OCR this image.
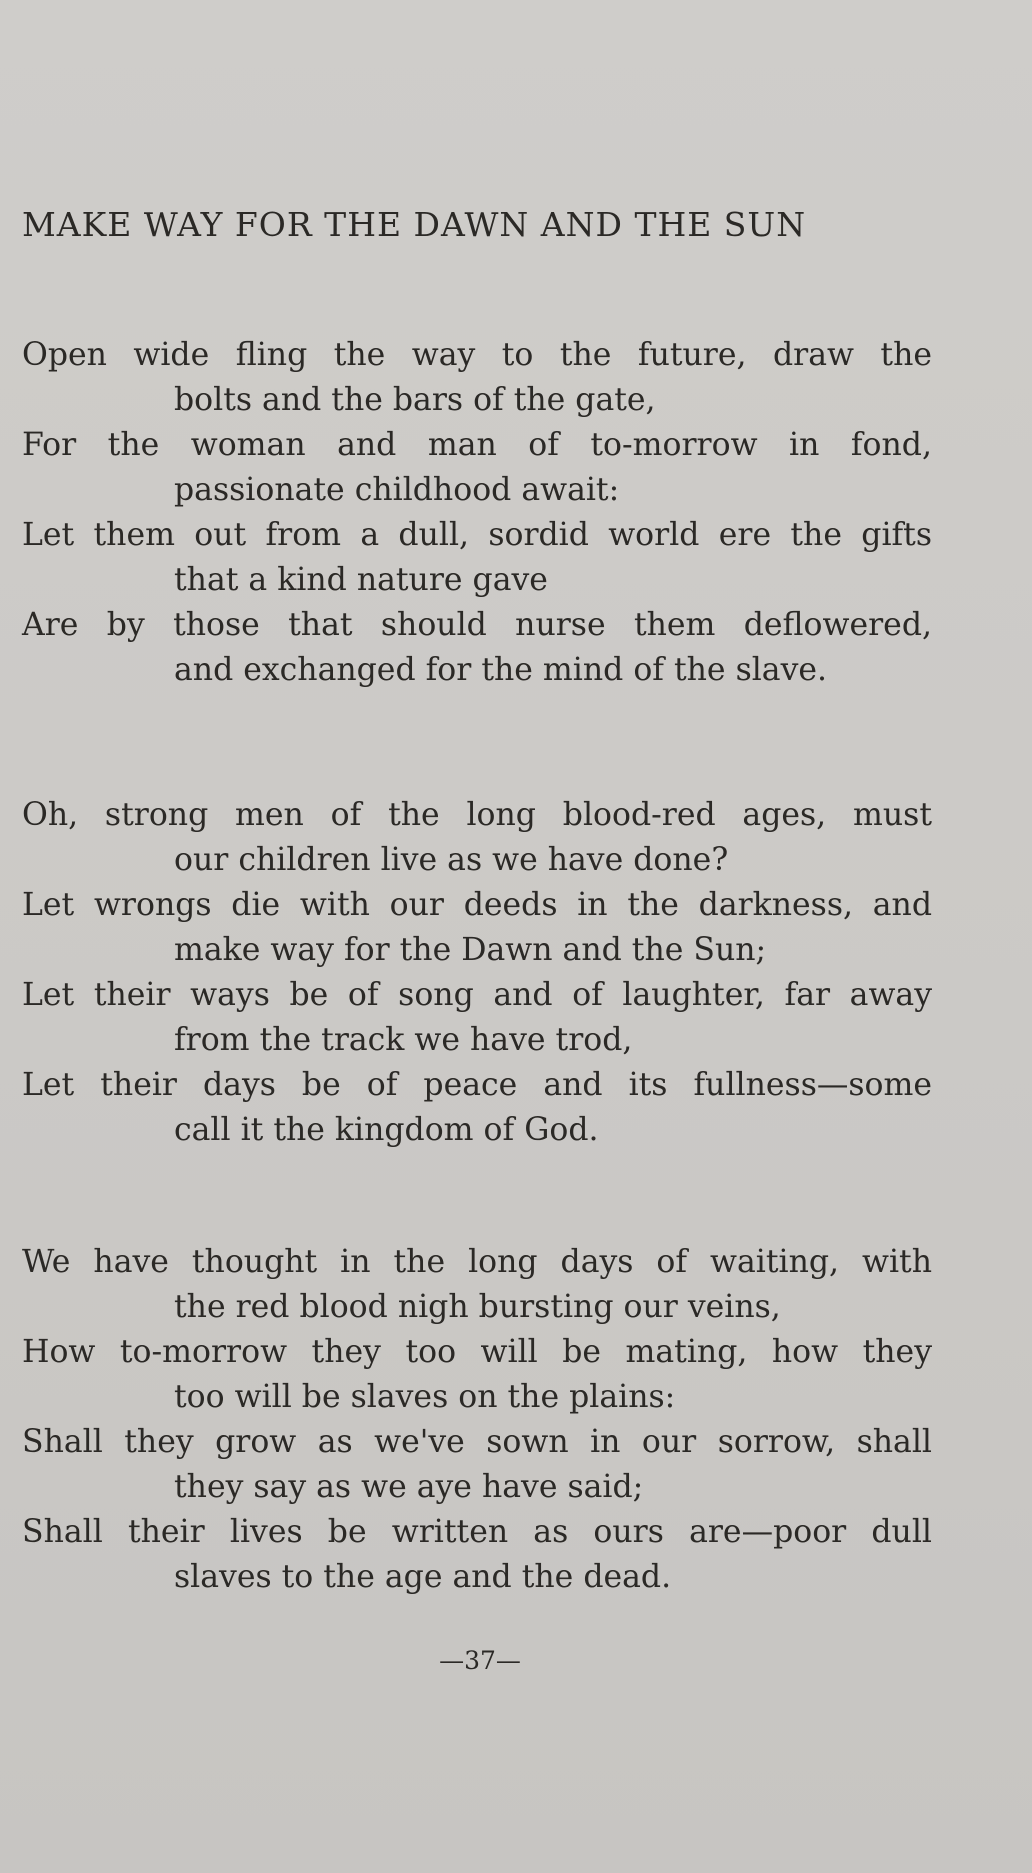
MAKE WAY FOR THE DAWN AND THE SUN
Open wide fling the way to the future, draw the
bolts and the bars of the gate,
For the woman and man of to-morrow in fond,
passionate childhood await:
Let them out from a dull, sordid world ere the gifts
that a kind nature gave
Are by those that should nurse them deflowered,
and exchanged for the mind of the slave.
Oh, strong men of the long blood-red ages, must
our children live as we have done?
Let wrongs die with our deeds in the darkness, and
make way for the Dawn and the Sun;
Let their ways be of song and of laughter, far away
from the track we have trod,
Let their days be of peace and its fullness—some
call it the kingdom of God.
We have thought in the long days of waiting, with
the red blood nigh bursting our veins,
How to-morrow they too will be mating, how they
too will be slaves on the plains:
Shall they grow as we've sown in our sorrow, shall
they say as we aye have said;
Shall their lives be written as ours are—poor dull
slaves to the age and the dead.
—37—
